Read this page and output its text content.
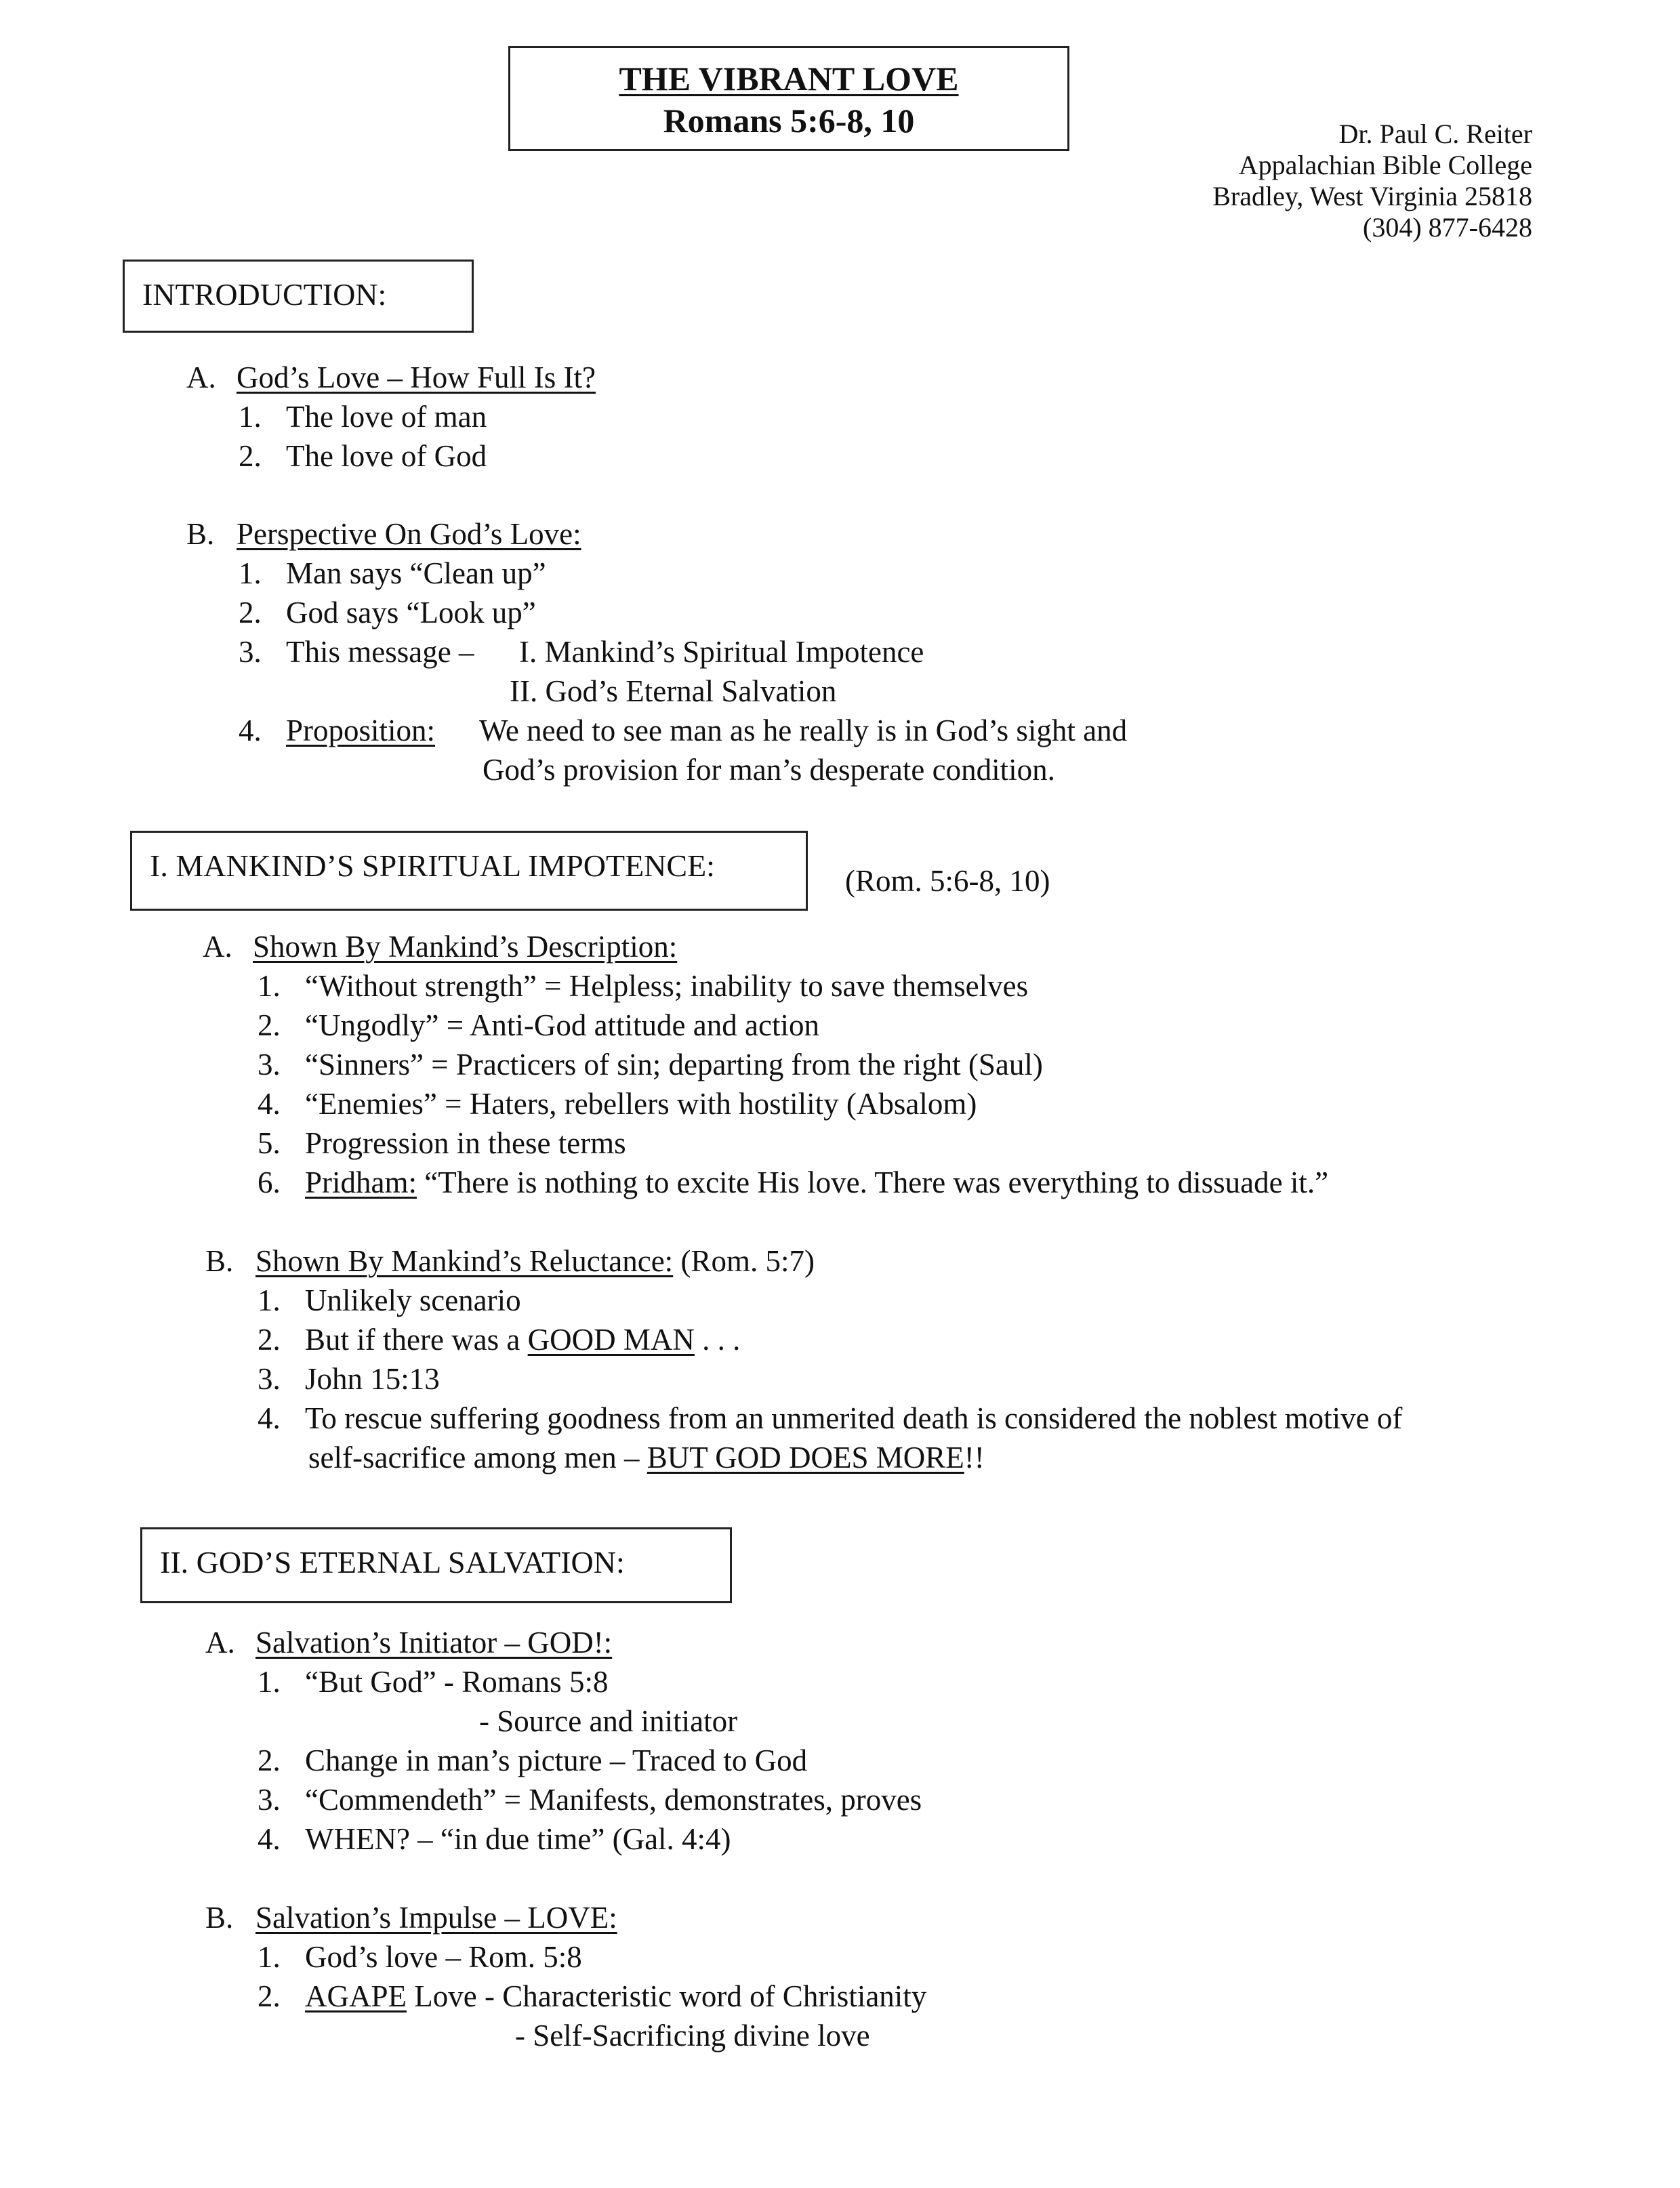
THE VIBRANT LOVE
Romans 5:6-8, 10	Dr. Paul C. Reiter
Appalachian Bible College
Bradley, West Virginia 25818
(304) 877-6428
INTRODUCTION:
A. God’s Love – How Full Is It?
1. The love of man
2. The love of God
B. Perspective On God’s Love:
1. Man says “Clean up”
2. God says “Look up”
3. This message – I. Mankind’s Spiritual Impotence
II. God’s Eternal Salvation
4. Proposition: We need to see man as he really is in God’s sight and
God’s provision for man’s desperate condition.
I. MANKIND’S SPIRITUAL IMPOTENCE:	(Rom. 5:6-8, 10)
A. Shown By Mankind’s Description:
1. “Without strength” = Helpless; inability to save themselves
2. “Ungodly” = Anti-God attitude and action
3. “Sinners” = Practicers of sin; departing from the right (Saul)
4. “Enemies” = Haters, rebellers with hostility (Absalom)
5. Progression in these terms
6. Pridham: “There is nothing to excite His love. There was everything to dissuade it.”
B. Shown By Mankind’s Reluctance: (Rom. 5:7)
1. Unlikely scenario
2. But if there was a GOOD MAN . . .
3. John 15:13
4. To rescue suffering goodness from an unmerited death is considered the noblest motive of
self-sacrifice among men – BUT GOD DOES MORE!!
II. GOD’S ETERNAL SALVATION:
A. Salvation’s Initiator – GOD!:
1. “But God” - Romans 5:8
- Source and initiator
2. Change in man’s picture – Traced to God
3. “Commendeth” = Manifests, demonstrates, proves
4. WHEN? – “in due time” (Gal. 4:4)
B. Salvation’s Impulse – LOVE:
1. God’s love – Rom. 5:8
2. AGAPE Love - Characteristic word of Christianity
- Self-Sacrificing divine love
